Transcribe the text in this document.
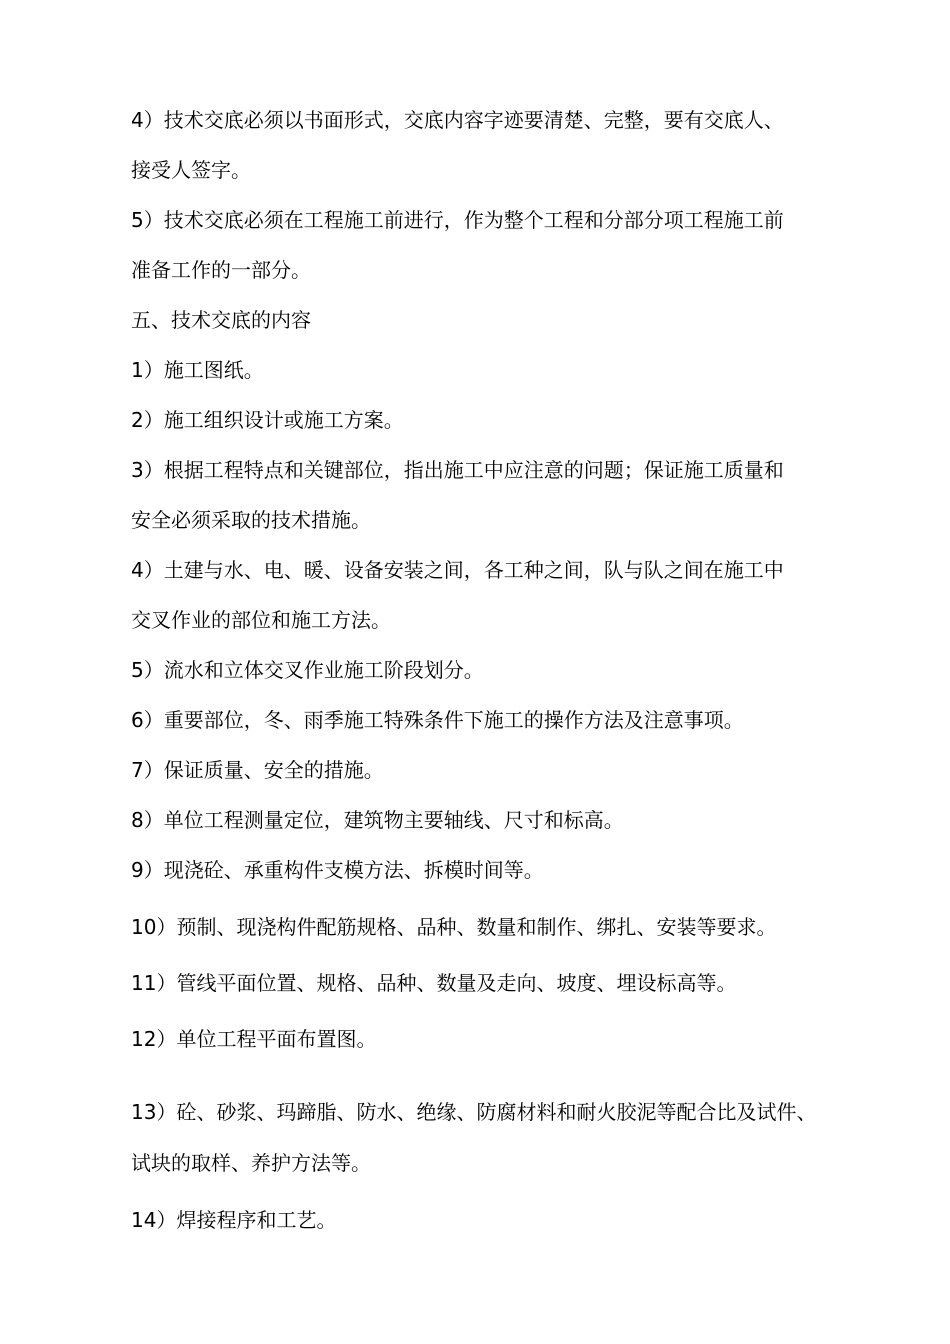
4）技术交底必须以书面形式，交底内容字迹要清楚、完整，要有交底人、
接受人签字。
5）技术交底必须在工程施工前进行，作为整个工程和分部分项工程施工前
准备工作的一部分。
五、技术交底的内容
1）施工图纸。
2）施工组织设计或施工方案。
3）根据工程特点和关键部位，指出施工中应注意的问题；保证施工质量和
安全必须采取的技术措施。
4）土建与水、电、暖、设备安装之间，各工种之间，队与队之间在施工中
交叉作业的部位和施工方法。
5）流水和立体交叉作业施工阶段划分。
6）重要部位，冬、雨季施工特殊条件下施工的操作方法及注意事项。
7）保证质量、安全的措施。
8）单位工程测量定位，建筑物主要轴线、尺寸和标高。
9）现浇砼、承重构件支模方法、拆模时间等。
10）预制、现浇构件配筋规格、品种、数量和制作、绑扎、安装等要求。
11）管线平面位置、规格、品种、数量及走向、坡度、埋设标高等。
12）单位工程平面布置图。
13）砼、砂浆、玛蹄脂、防水、绝缘、防腐材料和耐火胶泥等配合比及试件、
试块的取样、养护方法等。
14）焊接程序和工艺。
